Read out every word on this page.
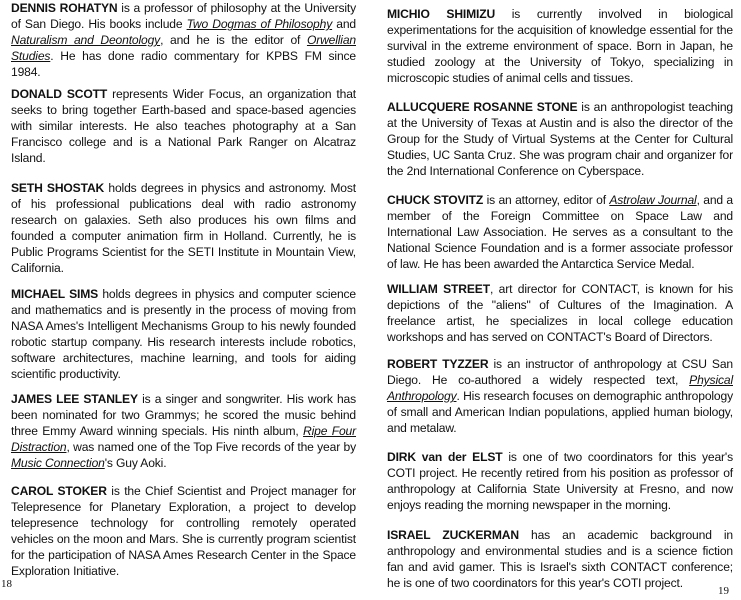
DENNIS ROHATYN is a professor of philosophy at the University of San Diego. His books include Two Dogmas of Philosophy and Naturalism and Deontology, and he is the editor of Orwellian Studies. He has done radio commentary for KPBS FM since 1984.

DONALD SCOTT represents Wider Focus, an organization that seeks to bring together Earth-based and space-based agencies with similar interests. He also teaches photography at a San Francisco college and is a National Park Ranger on Alcatraz Island.

SETH SHOSTAK holds degrees in physics and astronomy. Most of his professional publications deal with radio astronomy research on galaxies. Seth also produces his own films and founded a computer animation firm in Holland. Currently, he is Public Programs Scientist for the SETI Institute in Mountain View, California.

MICHAEL SIMS holds degrees in physics and computer science and mathematics and is presently in the process of moving from NASA Ames's Intelligent Mechanisms Group to his newly founded robotic startup company. His research interests include robotics, software architectures, machine learning, and tools for aiding scientific productivity.

JAMES LEE STANLEY is a singer and songwriter. His work has been nominated for two Grammys; he scored the music behind three Emmy Award winning specials. His ninth album, Ripe Four Distraction, was named one of the Top Five records of the year by Music Connection's Guy Aoki.

CAROL STOKER is the Chief Scientist and Project manager for Telepresence for Planetary Exploration, a project to develop telepresence technology for controlling remotely operated vehicles on the moon and Mars. She is currently program scientist for the participation of NASA Ames Research Center in the Space Exploration Initiative.

MICHIO SHIMIZU is currently involved in biological experimentations for the acquisition of knowledge essential for the survival in the extreme environment of space. Born in Japan, he studied zoology at the University of Tokyo, specializing in microscopic studies of animal cells and tissues.

ALLUCQUERE ROSANNE STONE is an anthropologist teaching at the University of Texas at Austin and is also the director of the Group for the Study of Virtual Systems at the Center for Cultural Studies, UC Santa Cruz. She was program chair and organizer for the 2nd International Conference on Cyberspace.

CHUCK STOVITZ is an attorney, editor of Astrolaw Journal, and a member of the Foreign Committee on Space Law and International Law Association. He serves as a consultant to the National Science Foundation and is a former associate professor of law. He has been awarded the Antarctica Service Medal.

WILLIAM STREET, art director for CONTACT, is known for his depictions of the "aliens" of Cultures of the Imagination. A freelance artist, he specializes in local college education workshops and has served on CONTACT's Board of Directors.

ROBERT TYZZER is an instructor of anthropology at CSU San Diego. He co-authored a widely respected text, Physical Anthropology. His research focuses on demographic anthropology of small and American Indian populations, applied human biology, and metalaw.

DIRK van der ELST is one of two coordinators for this year's COTI project. He recently retired from his position as professor of anthropology at California State University at Fresno, and now enjoys reading the morning newspaper in the morning.

ISRAEL ZUCKERMAN has an academic background in anthropology and environmental studies and is a science fiction fan and avid gamer. This is Israel's sixth CONTACT conference; he is one of two coordinators for this year's COTI project.

18
19
